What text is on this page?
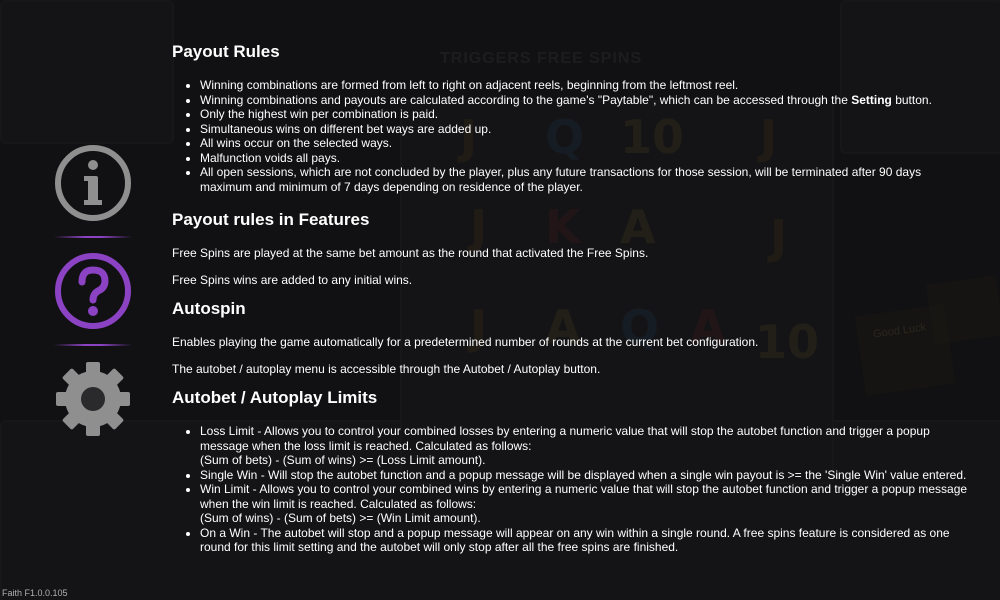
Payout Rules
• Winning combinations are formed from left to right on adjacent reels, beginning from the leftmost reel.
• Winning combinations and payouts are calculated according to the game's "Paytable", which can be accessed through the Setting button.
• Only the highest win per combination is paid.
• Simultaneous wins on different bet ways are added up.
• All wins occur on the selected ways.
• Malfunction voids all pays.
• All open sessions, which are not concluded by the player, plus any future transactions for those session, will be terminated after 90 days maximum and minimum of 7 days depending on residence of the player.
Payout rules in Features

Free Spins are played at the same bet amount as the round that activated the Free Spins.

Free Spins wins are added to any initial wins.

Autospin

Enables playing the game automatically for a predetermined number of rounds at the current bet configuration.

The autobet / autoplay menu is accessible through the Autobet / Autoplay button.

Autobet / Autoplay Limits
• Loss Limit - Allows you to control your combined losses by entering a numeric value that will stop the autobet function and trigger a popup message when the loss limit is reached. Calculated as follows:
(Sum of bets) - (Sum of wins) >= (Loss Limit amount).
• Single Win - Will stop the autobet function and a popup message will be displayed when a single win payout is >= the 'Single Win' value entered.
• Win Limit - Allows you to control your combined wins by entering a numeric value that will stop the autobet function and trigger a popup message when the win limit is reached. Calculated as follows:
(Sum of wins) - (Sum of bets) >= (Win Limit amount).
• On a Win - The autobet will stop and a popup message will appear on any win within a single round. A free spins feature is considered as one round for this limit setting and the autobet will only stop after all the free spins are finished.
Faith F1.0.0.105
